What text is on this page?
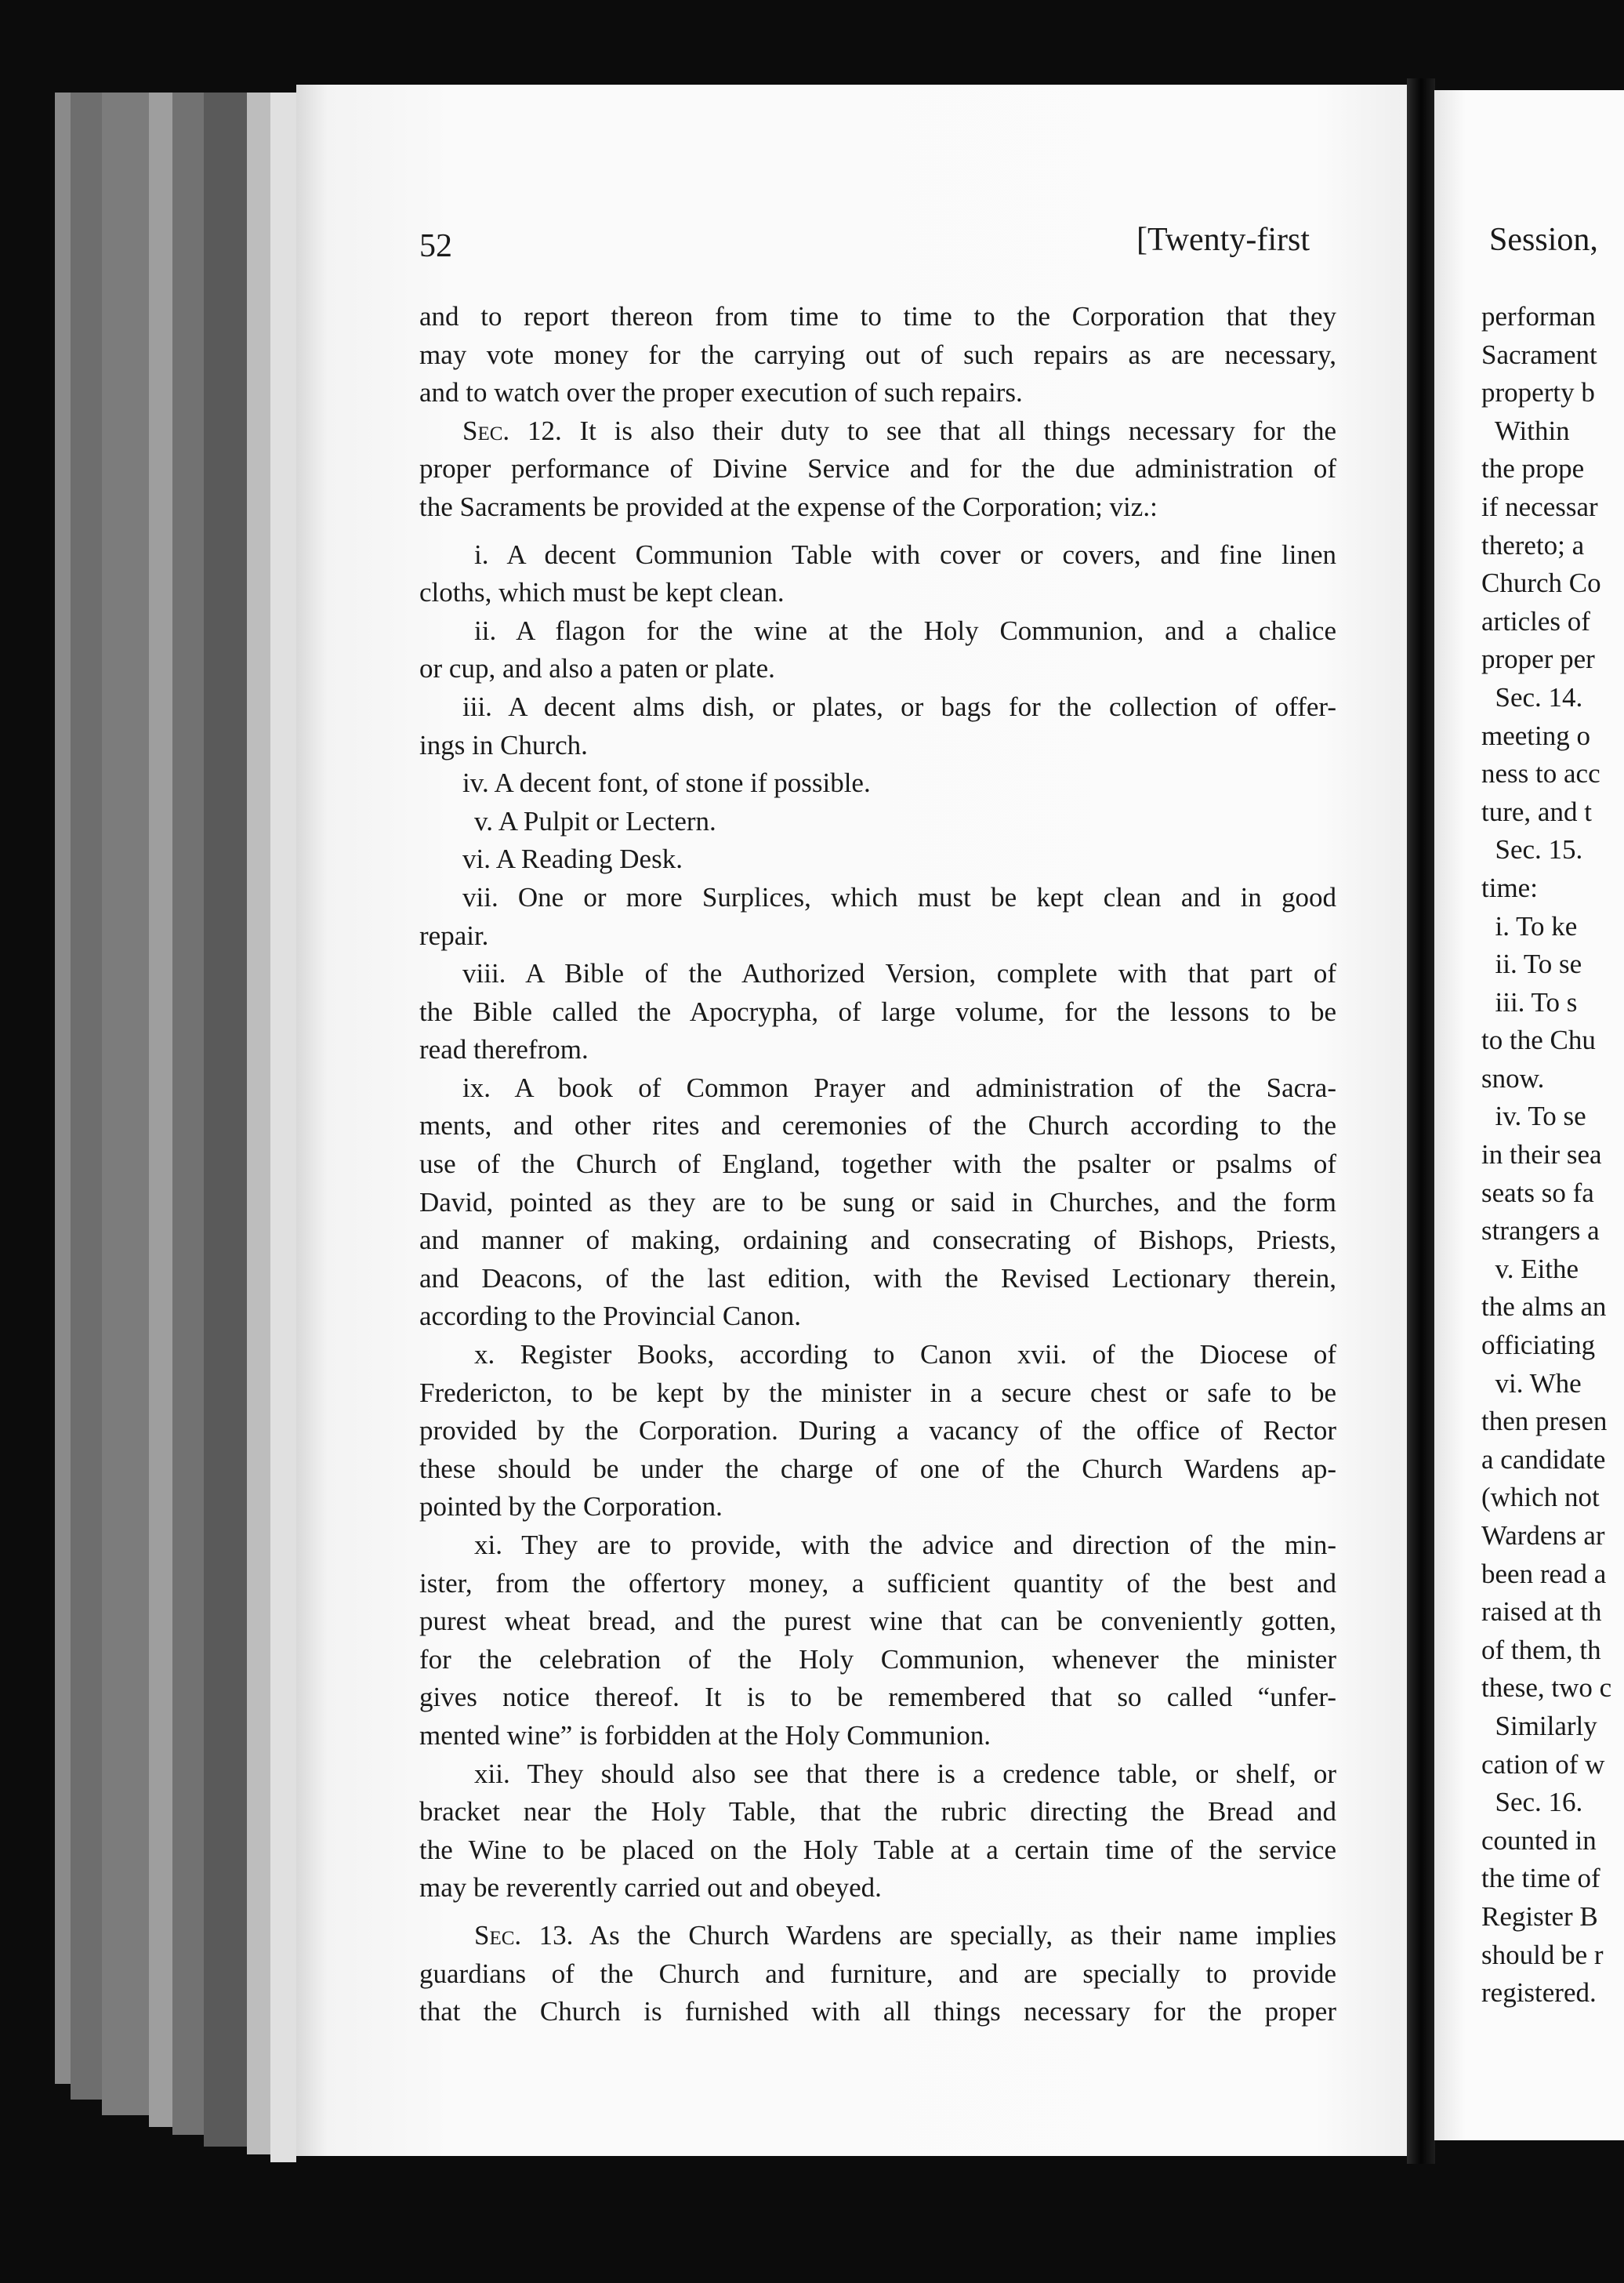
52	[Twenty-first
and to report thereon from time to time to the Corporation that they
may vote money for the carrying out of such repairs as are necessary,
and to watch over the proper execution of such repairs.
Sec. 12. It is also their duty to see that all things necessary for the
proper performance of Divine Service and for the due administration of
the Sacraments be provided at the expense of the Corporation; viz.:
i. A decent Communion Table with cover or covers, and fine linen
cloths, which must be kept clean.
ii. A flagon for the wine at the Holy Communion, and a chalice
or cup, and also a paten or plate.
iii. A decent alms dish, or plates, or bags for the collection of offer-
ings in Church.
iv. A decent font, of stone if possible.
v. A Pulpit or Lectern.
vi. A Reading Desk.
vii. One or more Surplices, which must be kept clean and in good
repair.
viii. A Bible of the Authorized Version, complete with that part of
the Bible called the Apocrypha, of large volume, for the lessons to be
read therefrom.
ix. A book of Common Prayer and administration of the Sacra-
ments, and other rites and ceremonies of the Church according to the
use of the Church of England, together with the psalter or psalms of
David, pointed as they are to be sung or said in Churches, and the form
and manner of making, ordaining and consecrating of Bishops, Priests,
and Deacons, of the last edition, with the Revised Lectionary therein,
according to the Provincial Canon.
x. Register Books, according to Canon xvii. of the Diocese of
Fredericton, to be kept by the minister in a secure chest or safe to be
provided by the Corporation. During a vacancy of the office of Rector
these should be under the charge of one of the Church Wardens ap-
pointed by the Corporation.
xi. They are to provide, with the advice and direction of the min-
ister, from the offertory money, a sufficient quantity of the best and
purest wheat bread, and the purest wine that can be conveniently gotten,
for the celebration of the Holy Communion, whenever the minister
gives notice thereof. It is to be remembered that so called “unfer-
mented wine” is forbidden at the Holy Communion.
xii. They should also see that there is a credence table, or shelf, or
bracket near the Holy Table, that the rubric directing the Bread and
the Wine to be placed on the Holy Table at a certain time of the service
may be reverently carried out and obeyed.
Sec. 13. As the Church Wardens are specially, as their name implies
guardians of the Church and furniture, and are specially to provide
that the Church is furnished with all things necessary for the proper
Session,
performan
Sacrament
property b
Within
the prope
if necessar
thereto; a
Church Co
articles of
proper per
Sec. 14.
meeting o
ness to acc
ture, and t
Sec. 15.
time:
i. To ke
ii. To se
iii. To s
to the Chu
snow.
iv. To se
in their sea
seats so fa
strangers a
v. Eithe
the alms an
officiating
vi. Whe
then presen
a candidate
(which not
Wardens ar
been read a
raised at th
of them, th
these, two c
Similarly
cation of w
Sec. 16.
counted in
the time of
Register B
should be r
registered.
